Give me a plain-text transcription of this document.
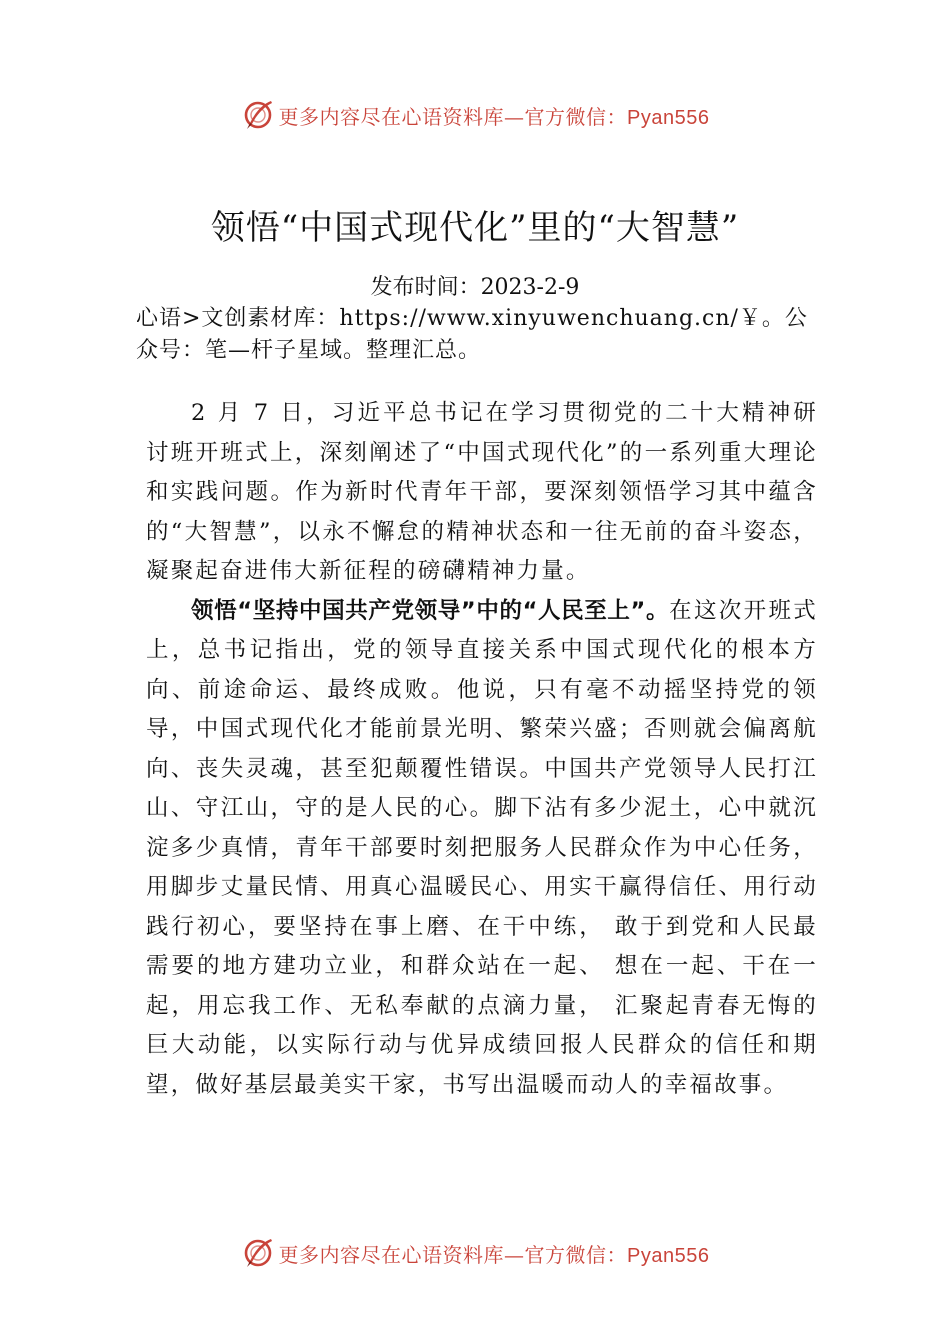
更多内容尽在心语资料库—官方微信：Pyan556
领悟“中国式现代化”里的“大智慧”
发布时间：2023-2-9
心语>文创素材库：https://www.xinyuwenchuang.cn/￥。公众号：笔—杆子星域。整理汇总。

2 月 7 日，习近平总书记在学习贯彻党的二十大精神研讨班开班式上，深刻阐述了“中国式现代化”的一系列重大理论和实践问题。作为新时代青年干部，要深刻领悟学习其中蕴含的“大智慧”，以永不懈怠的精神状态和一往无前的奋斗姿态，凝聚起奋进伟大新征程的磅礴精神力量。

领悟“坚持中国共产党领导”中的“人民至上”。在这次开班式上，总书记指出，党的领导直接关系中国式现代化的根本方向、前途命运、最终成败。他说，只有毫不动摇坚持党的领导，中国式现代化才能前景光明、繁荣兴盛；否则就会偏离航向、丧失灵魂，甚至犯颠覆性错误。中国共产党领导人民打江山、守江山，守的是人民的心。脚下沾有多少泥土，心中就沉淀多少真情，青年干部要时刻把服务人民群众作为中心任务，用脚步丈量民情、用真心温暖民心、用实干赢得信任、用行动践行初心，要坚持在事上磨、在干中练， 敢于到党和人民最需要的地方建功立业，和群众站在一起、 想在一起、干在一起，用忘我工作、无私奉献的点滴力量， 汇聚起青春无悔的巨大动能，以实际行动与优异成绩回报人民群众的信任和期望，做好基层最美实干家，书写出温暖而动人的幸福故事。

更多内容尽在心语资料库—官方微信：Pyan556
